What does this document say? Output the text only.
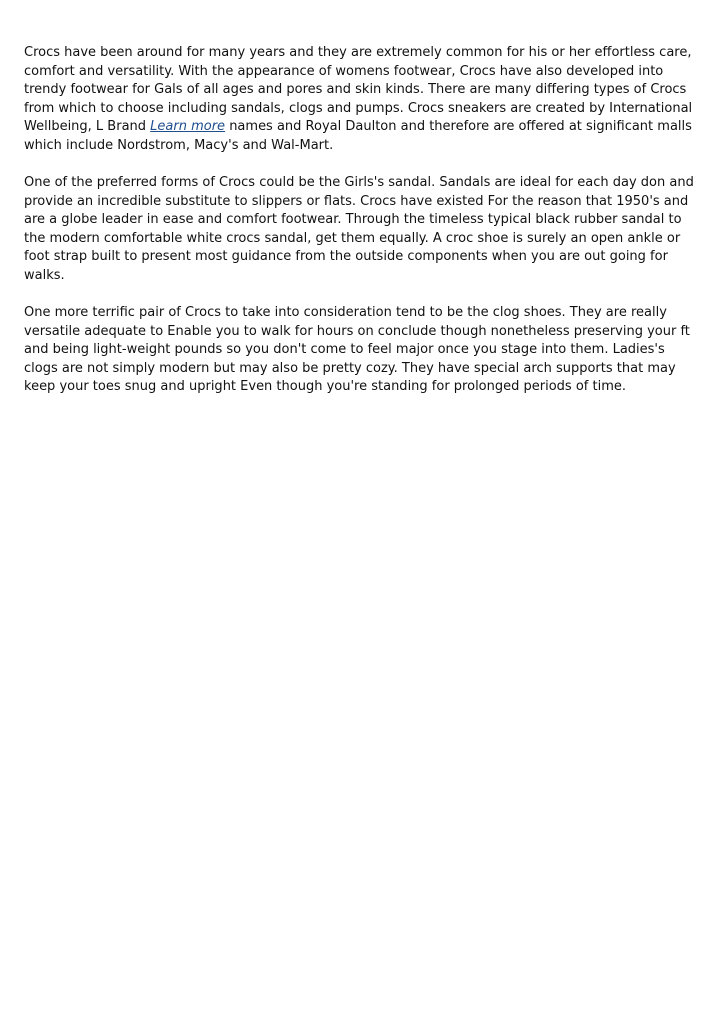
Crocs have been around for many years and they are extremely common for his or her effortless care, comfort and versatility. With the appearance of womens footwear, Crocs have also developed into trendy footwear for Gals of all ages and pores and skin kinds. There are many differing types of Crocs from which to choose including sandals, clogs and pumps. Crocs sneakers are created by International Wellbeing, L Brand Learn more names and Royal Daulton and therefore are offered at significant malls which include Nordstrom, Macy's and Wal-Mart.

One of the preferred forms of Crocs could be the Girls's sandal. Sandals are ideal for each day don and provide an incredible substitute to slippers or flats. Crocs have existed For the reason that 1950's and are a globe leader in ease and comfort footwear. Through the timeless typical black rubber sandal to the modern comfortable white crocs sandal, get them equally. A croc shoe is surely an open ankle or foot strap built to present most guidance from the outside components when you are out going for walks.

One more terrific pair of Crocs to take into consideration tend to be the clog shoes. They are really versatile adequate to Enable you to walk for hours on conclude though nonetheless preserving your ft and being light-weight pounds so you don't come to feel major once you stage into them. Ladies's clogs are not simply modern but may also be pretty cozy. They have special arch supports that may keep your toes snug and upright Even though you're standing for prolonged periods of time.
